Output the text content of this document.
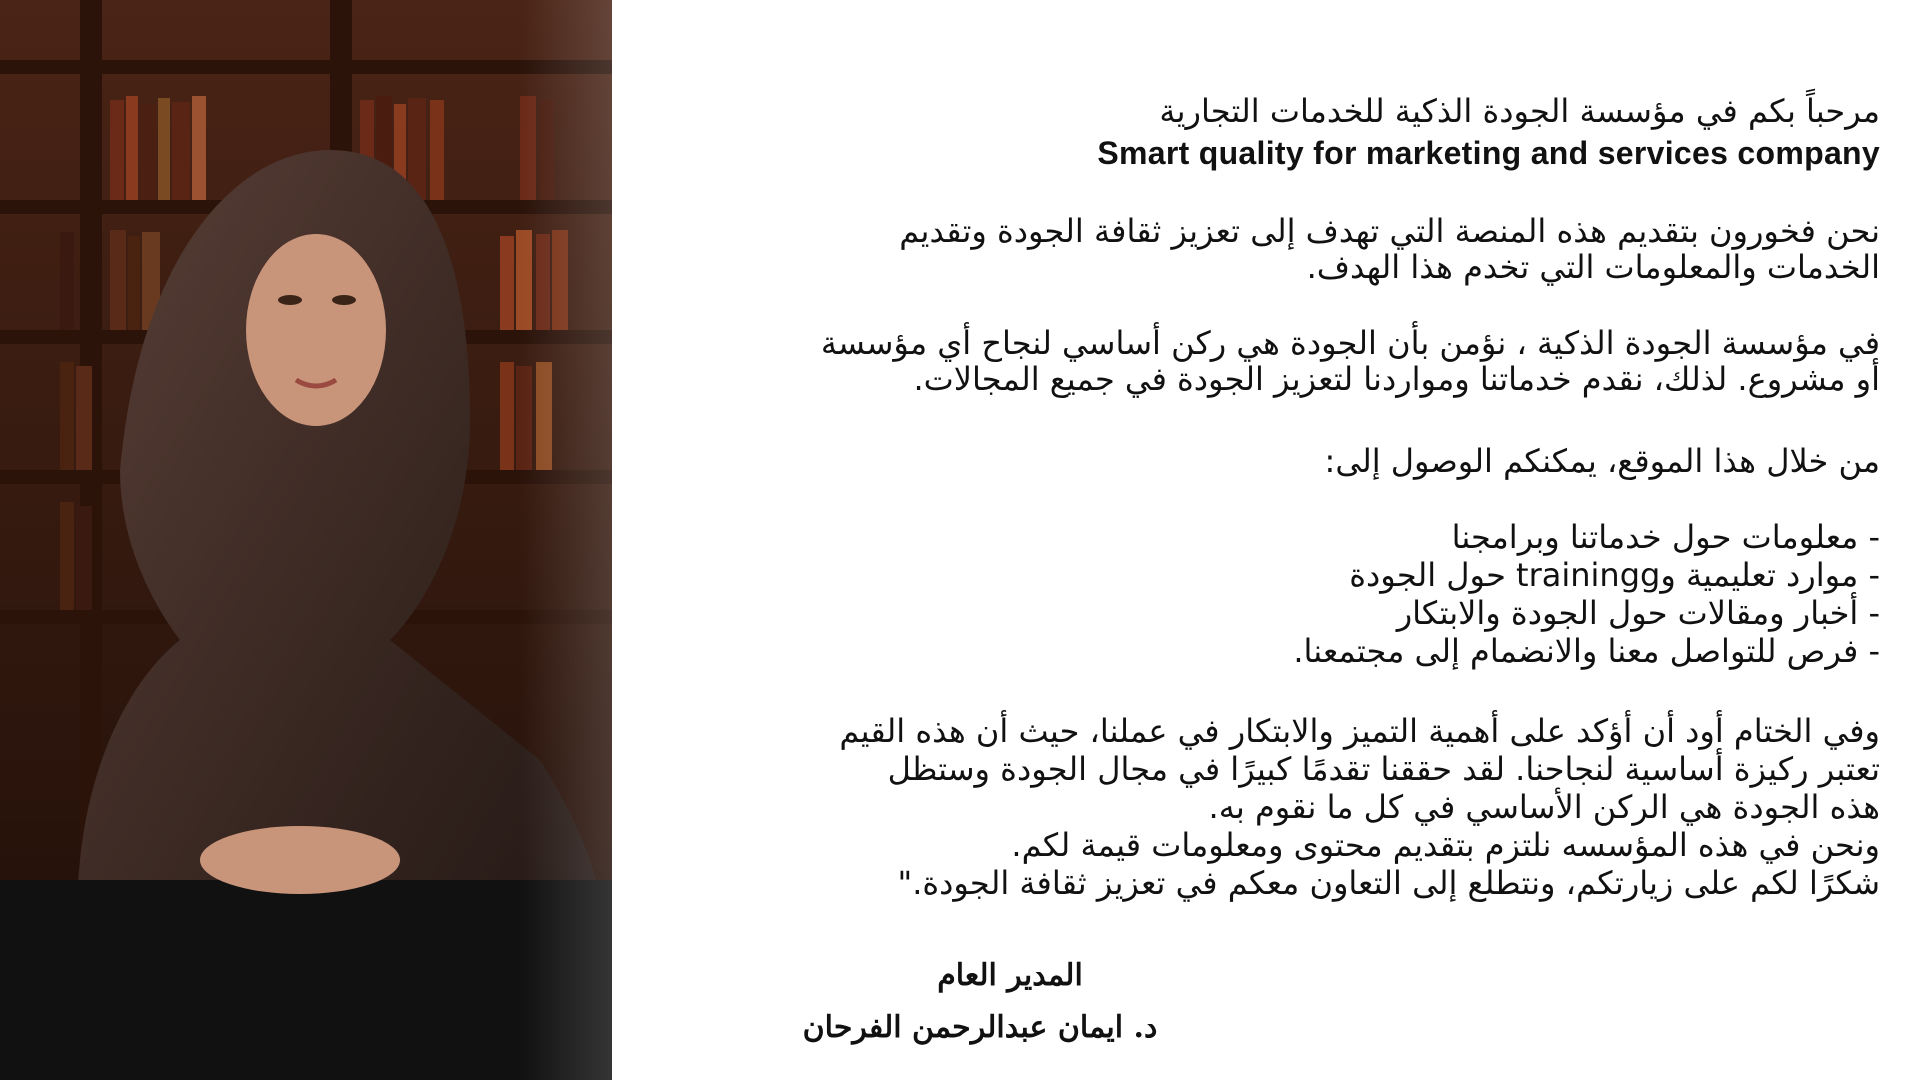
مرحباً بكم في مؤسسة الجودة الذكية للخدمات التجارية
Smart quality for marketing and services company
نحن فخورون بتقديم هذه المنصة التي تهدف إلى تعزيز ثقافة الجودة وتقديم
الخدمات والمعلومات التي تخدم هذا الهدف.
في مؤسسة الجودة الذكية ، نؤمن بأن الجودة هي ركن أساسي لنجاح أي مؤسسة
أو مشروع. لذلك، نقدم خدماتنا ومواردنا لتعزيز الجودة في جميع المجالات.
من خلال هذا الموقع، يمكنكم الوصول إلى:
- معلومات حول خدماتنا وبرامجنا
- موارد تعليمية وtrainingg حول الجودة
- أخبار ومقالات حول الجودة والابتكار
- فرص للتواصل معنا والانضمام إلى مجتمعنا.
وفي الختام أود أن أؤكد على أهمية التميز والابتكار في عملنا، حيث أن هذه القيم
تعتبر ركيزة أساسية لنجاحنا. لقد حققنا تقدمًا كبيرًا في مجال الجودة وستظل
هذه الجودة هي الركن الأساسي في كل ما نقوم به.
ونحن في هذه المؤسسه نلتزم بتقديم محتوى ومعلومات قيمة لكم.
شكرًا لكم على زيارتكم، ونتطلع إلى التعاون معكم في تعزيز ثقافة الجودة."
المدير العام
د. ايمان عبدالرحمن الفرحان
